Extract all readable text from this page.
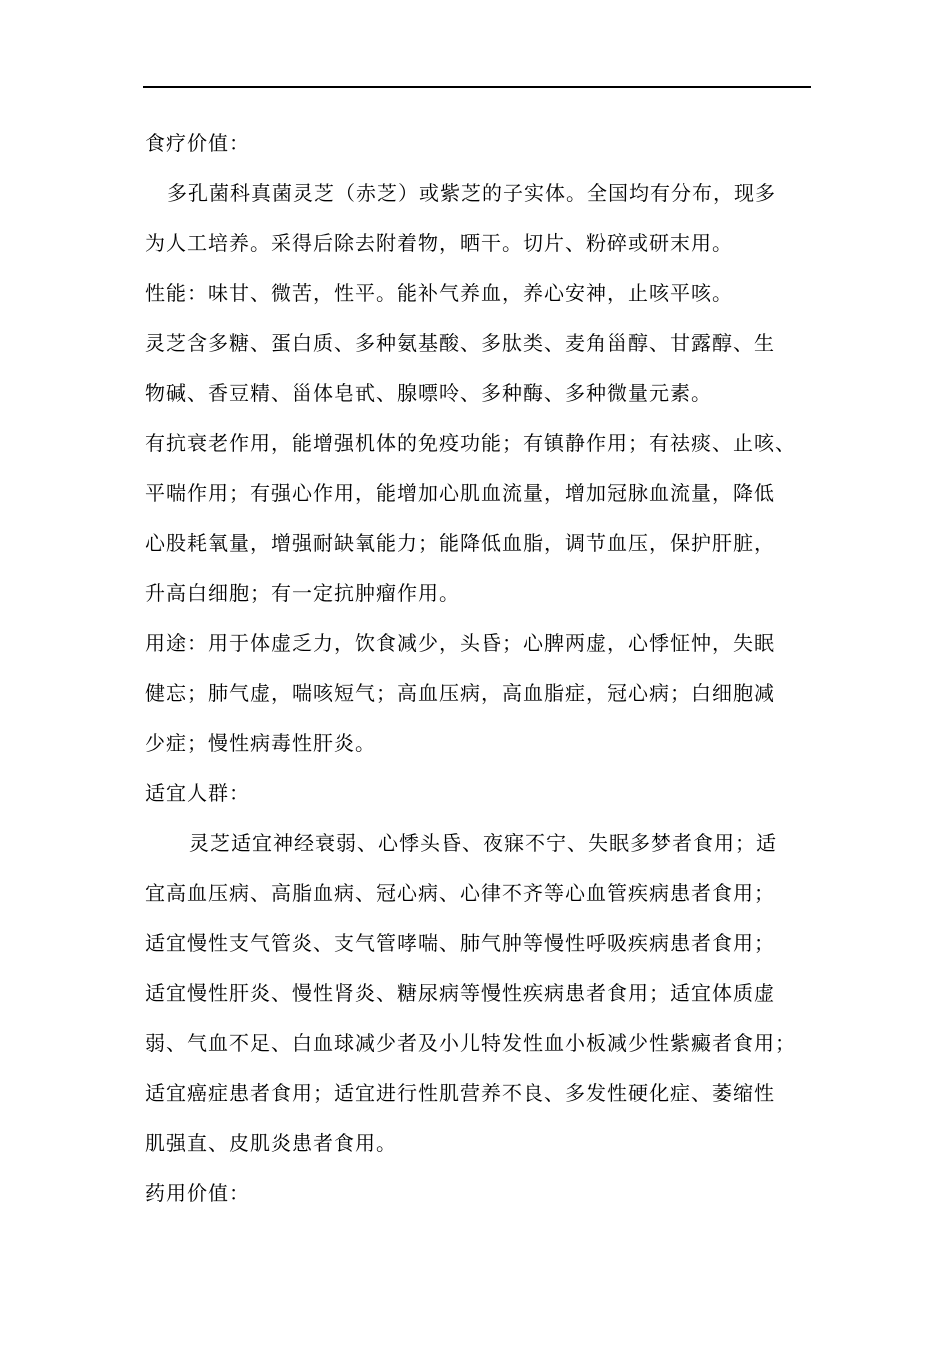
食疗价值：
多孔菌科真菌灵芝（赤芝）或紫芝的子实体。全国均有分布，现多
为人工培养。采得后除去附着物，晒干。切片、粉碎或研末用。
性能：味甘、微苦，性平。能补气养血，养心安神，止咳平咳。
灵芝含多糖、蛋白质、多种氨基酸、多肽类、麦角甾醇、甘露醇、生
物碱、香豆精、甾体皂甙、腺嘌呤、多种酶、多种微量元素。
有抗衰老作用，能增强机体的免疫功能；有镇静作用；有祛痰、止咳、
平喘作用；有强心作用，能增加心肌血流量，增加冠脉血流量，降低
心股耗氧量，增强耐缺氧能力；能降低血脂，调节血压，保护肝脏，
升高白细胞；有一定抗肿瘤作用。
用途：用于体虚乏力，饮食减少，头昏；心脾两虚，心悸怔忡，失眠
健忘；肺气虚，喘咳短气；高血压病，高血脂症，冠心病；白细胞减
少症；慢性病毒性肝炎。
适宜人群：
灵芝适宜神经衰弱、心悸头昏、夜寐不宁、失眠多梦者食用；适
宜高血压病、高脂血病、冠心病、心律不齐等心血管疾病患者食用；
适宜慢性支气管炎、支气管哮喘、肺气肿等慢性呼吸疾病患者食用；
适宜慢性肝炎、慢性肾炎、糖尿病等慢性疾病患者食用；适宜体质虚
弱、气血不足、白血球减少者及小儿特发性血小板减少性紫癜者食用；
适宜癌症患者食用；适宜进行性肌营养不良、多发性硬化症、萎缩性
肌强直、皮肌炎患者食用。
药用价值：
